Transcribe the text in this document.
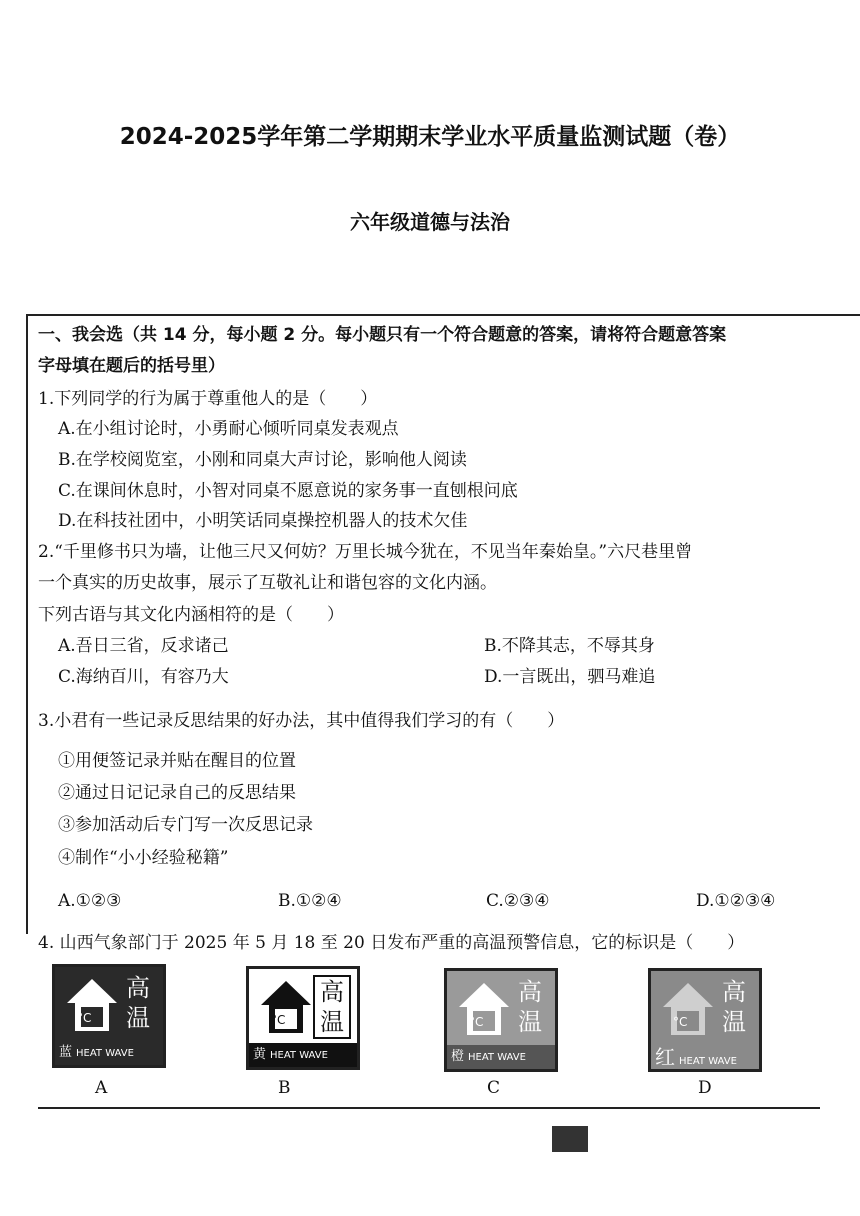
2024-2025学年第二学期期末学业水平质量监测试题（卷）
六年级道德与法治
一、我会选（共 14 分，每小题 2 分。每小题只有一个符合题意的答案，请将符合题意答案
字母填在题后的括号里）
1.下列同学的行为属于尊重他人的是（　　）
A.在小组讨论时，小勇耐心倾听同桌发表观点
B.在学校阅览室，小刚和同桌大声讨论，影响他人阅读
C.在课间休息时，小智对同桌不愿意说的家务事一直刨根问底
D.在科技社团中，小明笑话同桌操控机器人的技术欠佳
2.“千里修书只为墙，让他三尺又何妨？万里长城今犹在，不见当年秦始皇。”六尺巷里曾
一个真实的历史故事，展示了互敬礼让和谐包容的文化内涵。
下列古语与其文化内涵相符的是（　　）
A.吾日三省，反求诸己	B.不降其志，不辱其身
C.海纳百川，有容乃大	D.一言既出，驷马难追
3.小君有一些记录反思结果的好办法，其中值得我们学习的有（　　）
①用便签记录并贴在醒目的位置
②通过日记记录自己的反思结果
③参加活动后专门写一次反思记录
④制作“小小经验秘籍”
A.①②③	B.①②④	C.②③④	D.①②③④
4. 山西气象部门于 2025 年 5 月 18 至 20 日发布严重的高温预警信息，它的标识是（　　）
°C
高
温
蓝 HEAT WAVE
°C
高
温
黄 HEAT WAVE
°C
高
温
橙 HEAT WAVE
°C
高
温
红HEAT WAVE
A	B	C	D
